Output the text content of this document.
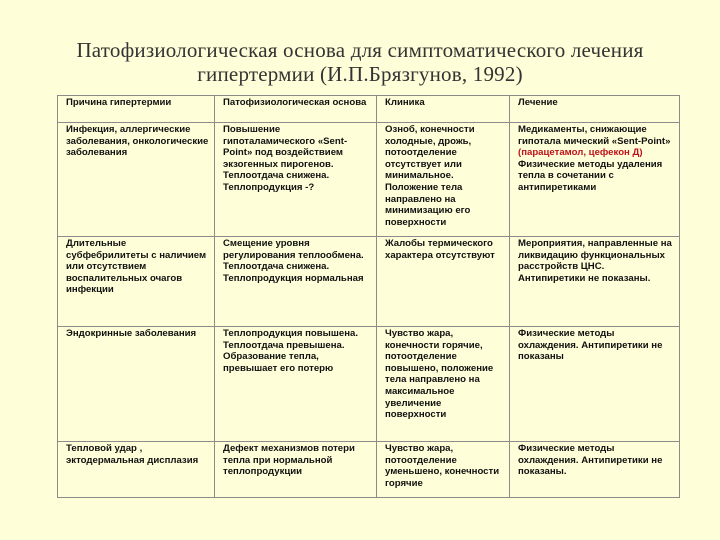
Патофизиологическая основа для симптоматического лечения
гипертермии (И.П.Брязгунов, 1992)
Причина гипертермии	Патофизиологическая основа	Клиника	Лечение

Инфекция, аллергические заболевания, онкологические заболевания	Повышение гипоталамического «Sent-Point» под воздействием экзогенных пирогенов. Теплоотдача снижена. Теплопродукция -?	Озноб, конечности холодные, дрожь, потоотделение отсутствует или минимальное. Положение тела направлено на минимизацию его поверхности	Медикаменты, снижающие гипотала мический «Sent-Point» (парацетамол, цефекон Д) Физические методы удаления тепла в сочетании с антипиретиками

Длительные субфебрилитеты с наличием или отсутствием воспалительных очагов инфекции	Смещение уровня регулирования теплообмена. Теплоотдача снижена. Теплопродукция нормальная	Жалобы термического характера отсутствуют	Мероприятия, направленные на ликвидацию функциональных расстройств ЦНС. Антипиретики не показаны.

Эндокринные заболевания	Теплопродукция повышена. Теплоотдача превышена. Образование тепла, превышает его потерю	Чувство жара, конечности горячие, потоотделение повышено, положение тела направлено на максимальное увеличение поверхности	Физические методы охлаждения. Антипиретики не показаны

Тепловой удар , эктодермальная дисплазия	Дефект механизмов потери тепла при нормальной теплопродукции	Чувство жара, потоотделение уменьшено, конечности горячие	Физические методы охлаждения. Антипиретики не показаны.
